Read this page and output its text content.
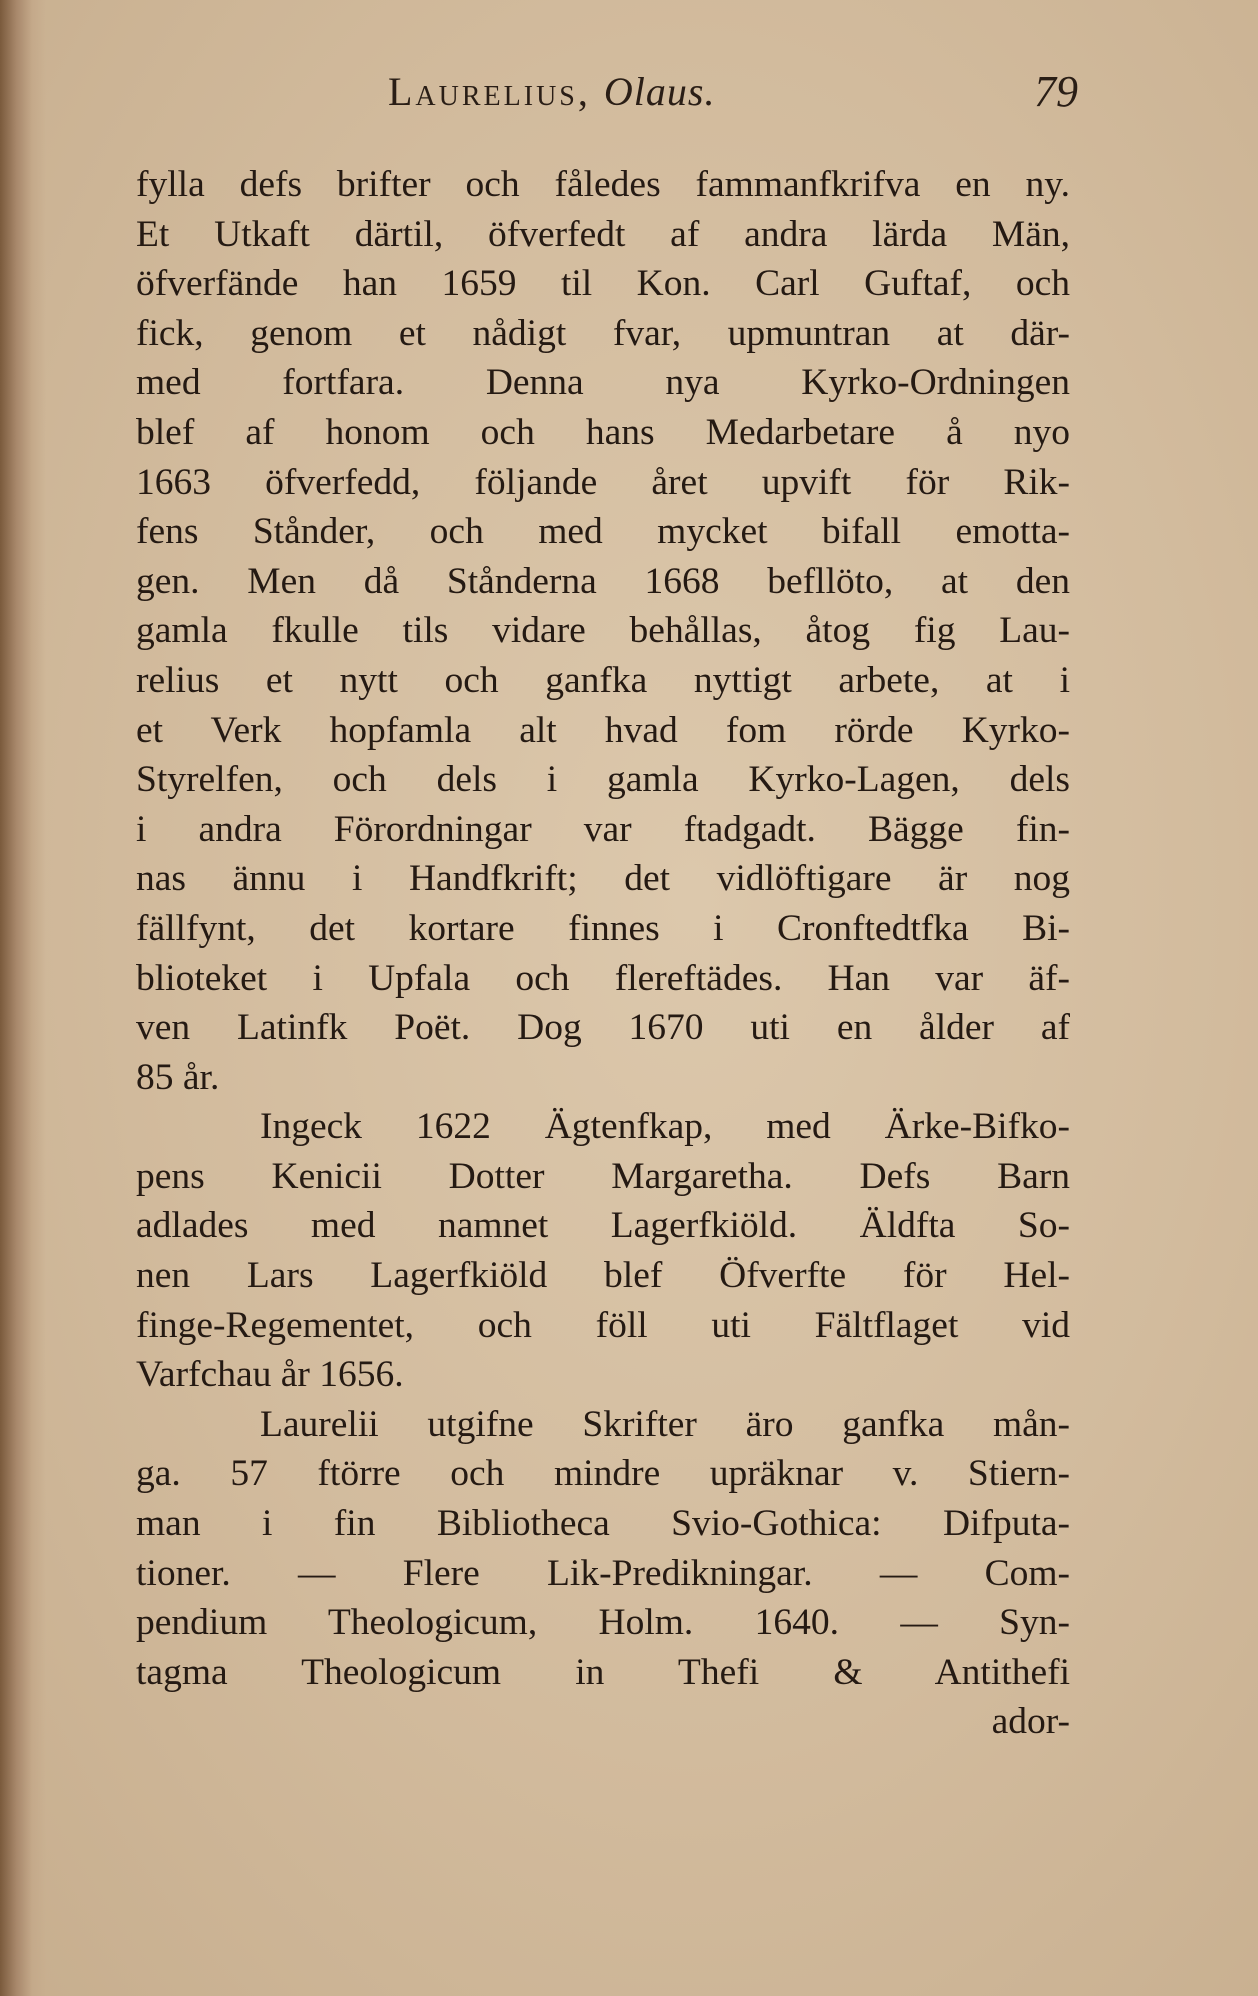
Laurelius, Olaus.	79
fylla defs brifter och fåledes fammanfkrifva en ny.
Et Utkaft därtil, öfverfedt af andra lärda Män,
öfverfände han 1659 til Kon. Carl Guftaf, och
fick, genom et nådigt fvar, upmuntran at där-
med fortfara. Denna nya Kyrko-Ordningen
blef af honom och hans Medarbetare å nyo
1663 öfverfedd, följande året upvift för Rik-
fens Stånder, och med mycket bifall emotta-
gen. Men då Stånderna 1668 befllöto, at den
gamla fkulle tils vidare behållas, åtog fig Lau-
relius et nytt och ganfka nyttigt arbete, at i
et Verk hopfamla alt hvad fom rörde Kyrko-
Styrelfen, och dels i gamla Kyrko-Lagen, dels
i andra Förordningar var ftadgadt. Bägge fin-
nas ännu i Handfkrift; det vidlöftigare är nog
fällfynt, det kortare finnes i Cronftedtfka Bi-
blioteket i Upfala och flereftädes. Han var äf-
ven Latinfk Poët. Dog 1670 uti en ålder af
85 år.
Ingeck 1622 Ägtenfkap, med Ärke-Bifko-
pens Kenicii Dotter Margaretha. Defs Barn
adlades med namnet Lagerfkiöld. Äldfta So-
nen Lars Lagerfkiöld blef Öfverfte för Hel-
finge-Regementet, och föll uti Fältflaget vid
Varfchau år 1656.
Laurelii utgifne Skrifter äro ganfka mån-
ga. 57 ftörre och mindre upräknar v. Stiern-
man i fin Bibliotheca Svio-Gothica: Difputa-
tioner. — Flere Lik-Predikningar. — Com-
pendium Theologicum, Holm. 1640. — Syn-
tagma Theologicum in Thefi & Antithefi
ador-
